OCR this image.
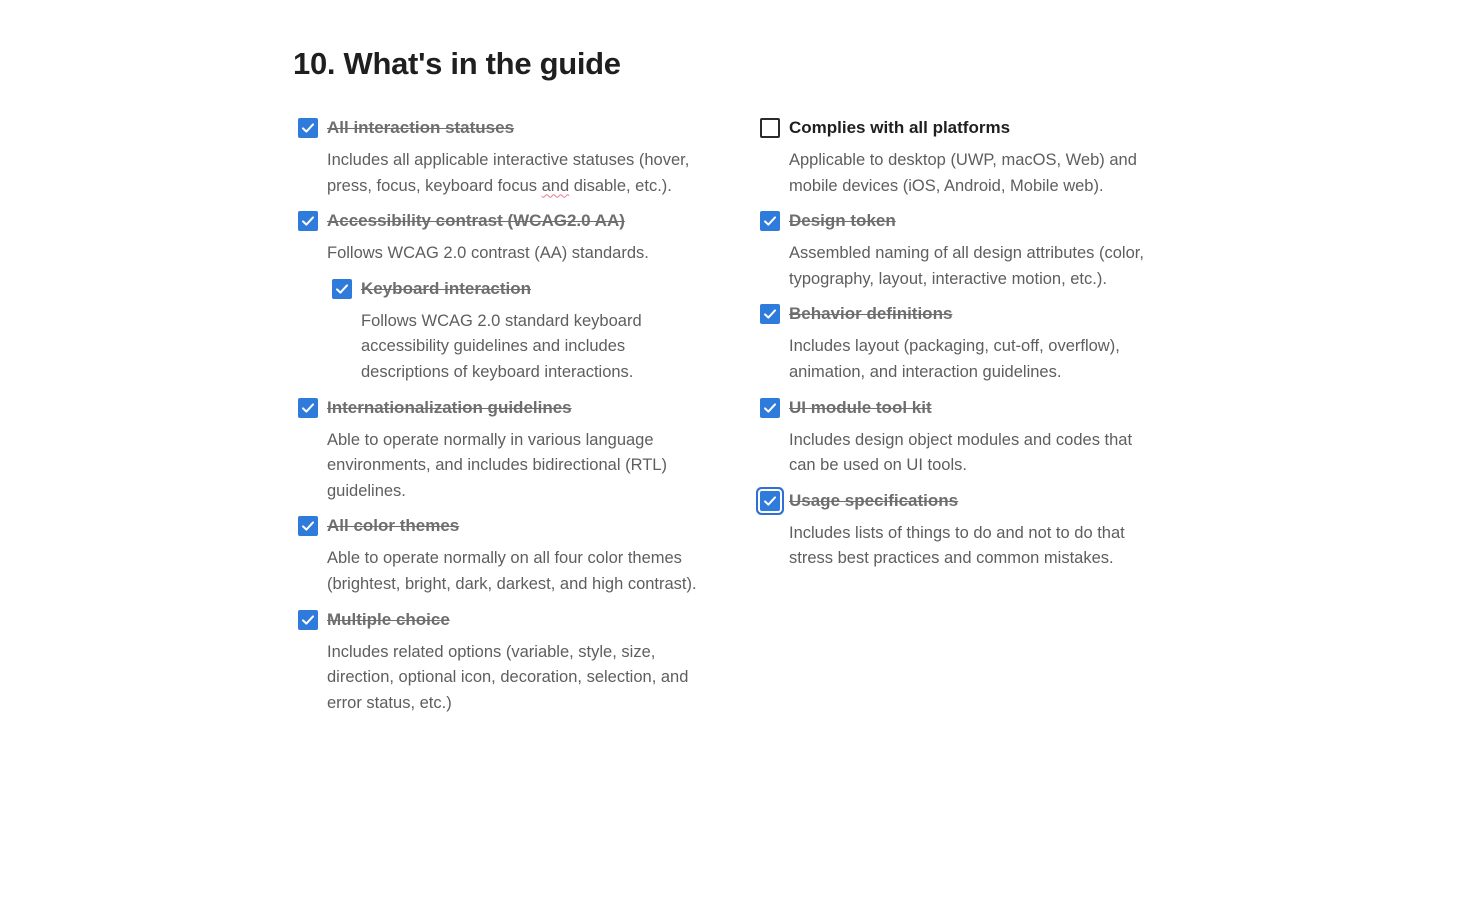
10. What's in the guide
All interaction statuses
Includes all applicable interactive statuses (hover, press, focus, keyboard focus and disable, etc.).
Accessibility contrast (WCAG2.0 AA)
Follows WCAG 2.0 contrast (AA) standards.
Keyboard interaction
Follows WCAG 2.0 standard keyboard accessibility guidelines and includes descriptions of keyboard interactions.
Internationalization guidelines
Able to operate normally in various language environments, and includes bidirectional (RTL) guidelines.
All color themes
Able to operate normally on all four color themes (brightest, bright, dark, darkest, and high contrast).
Multiple choice
Includes related options (variable, style, size, direction, optional icon, decoration, selection, and error status, etc.)
Complies with all platforms
Applicable to desktop (UWP, macOS, Web) and mobile devices (iOS, Android, Mobile web).
Design token
Assembled naming of all design attributes (color, typography, layout, interactive motion, etc.).
Behavior definitions
Includes layout (packaging, cut-off, overflow), animation, and interaction guidelines.
UI module tool kit
Includes design object modules and codes that can be used on UI tools.
Usage specifications
Includes lists of things to do and not to do that stress best practices and common mistakes.
